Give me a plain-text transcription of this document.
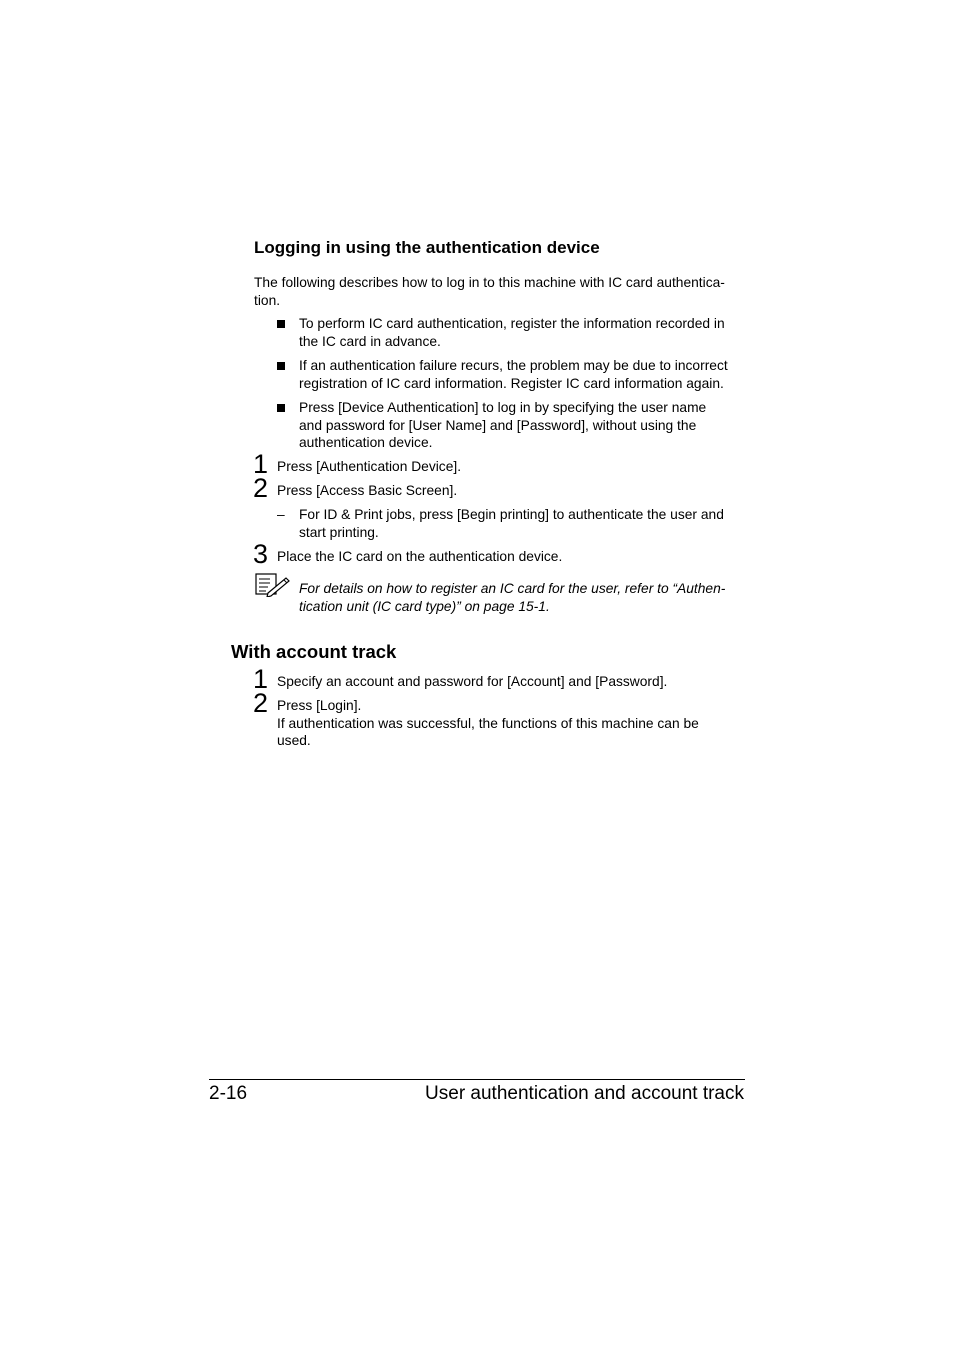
Logging in using the authentication device
The following describes how to log in to this machine with IC card authentica-
tion.
To perform IC card authentication, register the information recorded in
the IC card in advance.
If an authentication failure recurs, the problem may be due to incorrect
registration of IC card information. Register IC card information again.
Press [Device Authentication] to log in by specifying the user name
and password for [User Name] and [Password], without using the
authentication device.
1 Press [Authentication Device].
2 Press [Access Basic Screen].
– For ID & Print jobs, press [Begin printing] to authenticate the user and
start printing.
3 Place the IC card on the authentication device.
For details on how to register an IC card for the user, refer to “Authen-
tication unit (IC card type)” on page 15-1.
With account track
1 Specify an account and password for [Account] and [Password].
2 Press [Login].
If authentication was successful, the functions of this machine can be
used.
2-16	User authentication and account track
